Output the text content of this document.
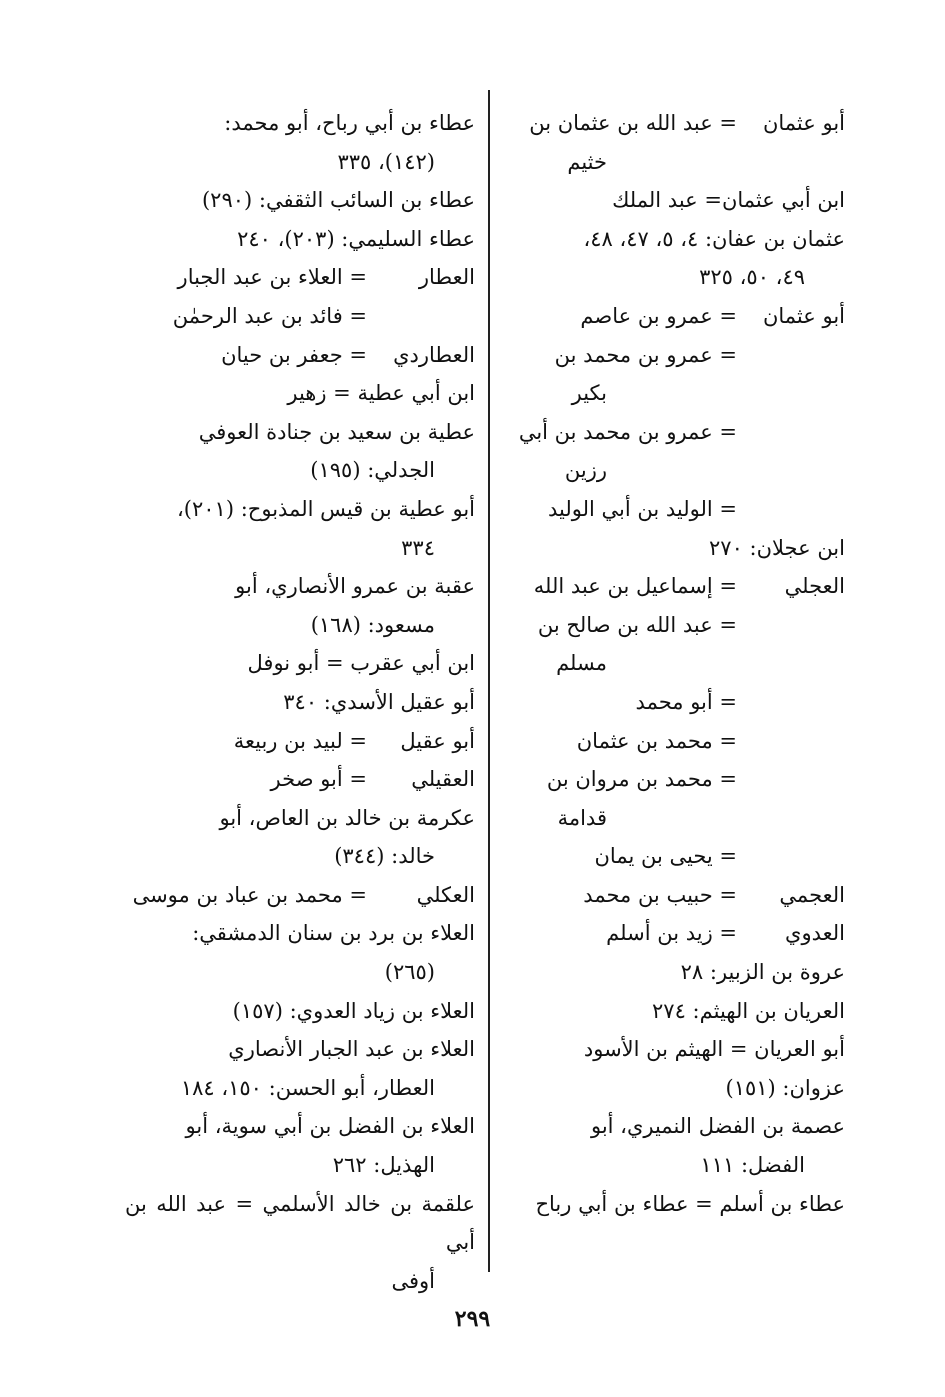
أبو عثمان
= عبد الله بن عثمان بن
خثيم
ابن أبي عثمان= عبد الملك
عثمان بن عفان: ٤، ٥، ٤٧، ٤٨،
٤٩، ٥٠، ٣٢٥
أبو عثمان
= عمرو بن عاصم
= عمرو بن محمد بن
بكير
= عمرو بن محمد بن أبي
رزين
= الوليد بن أبي الوليد
ابن عجلان: ٢٧٠
العجلي
= إسماعيل بن عبد الله
= عبد الله بن صالح بن
مسلم
= أبو محمد
= محمد بن عثمان
= محمد بن مروان بن
قدامة
= يحيى بن يمان
العجمي
= حبيب بن محمد
العدوي
= زيد بن أسلم
عروة بن الزبير: ٢٨
العريان بن الهيثم: ٢٧٤
أبو العريان = الهيثم بن الأسود
عزوان: (١٥١)
عصمة بن الفضل النميري، أبو
الفضل: ١١١
عطاء بن أسلم = عطاء بن أبي رباح
عطاء بن أبي رباح، أبو محمد:
(١٤٢)، ٣٣٥
عطاء بن السائب الثقفي: (٢٩٠)
عطاء السليمي: (٢٠٣)، ٢٤٠
العطار
= العلاء بن عبد الجبار
= فائد بن عبد الرحمٰن
العطاردي
= جعفر بن حيان
ابن أبي عطية = زهير
عطية بن سعيد بن جنادة العوفي
الجدلي: (١٩٥)
أبو عطية بن قيس المذبوح: (٢٠١)،
٣٣٤
عقبة بن عمرو الأنصاري، أبو
مسعود: (١٦٨)
ابن أبي عقرب = أبو نوفل
أبو عقيل الأسدي: ٣٤٠
أبو عقيل
= لبيد بن ربيعة
العقيلي
= أبو صخر
عكرمة بن خالد بن العاص، أبو
خالد: (٣٤٤)
العكلي
= محمد بن عباد بن موسى
العلاء بن برد بن سنان الدمشقي:
(٢٦٥)
العلاء بن زياد العدوي: (١٥٧)
العلاء بن عبد الجبار الأنصاري
العطار، أبو الحسن: ١٥٠، ١٨٤
العلاء بن الفضل بن أبي سوية، أبو
الهذيل: ٢٦٢
علقمة بن خالد الأسلمي = عبد الله بن أبي
أوفى
٢٩٩
